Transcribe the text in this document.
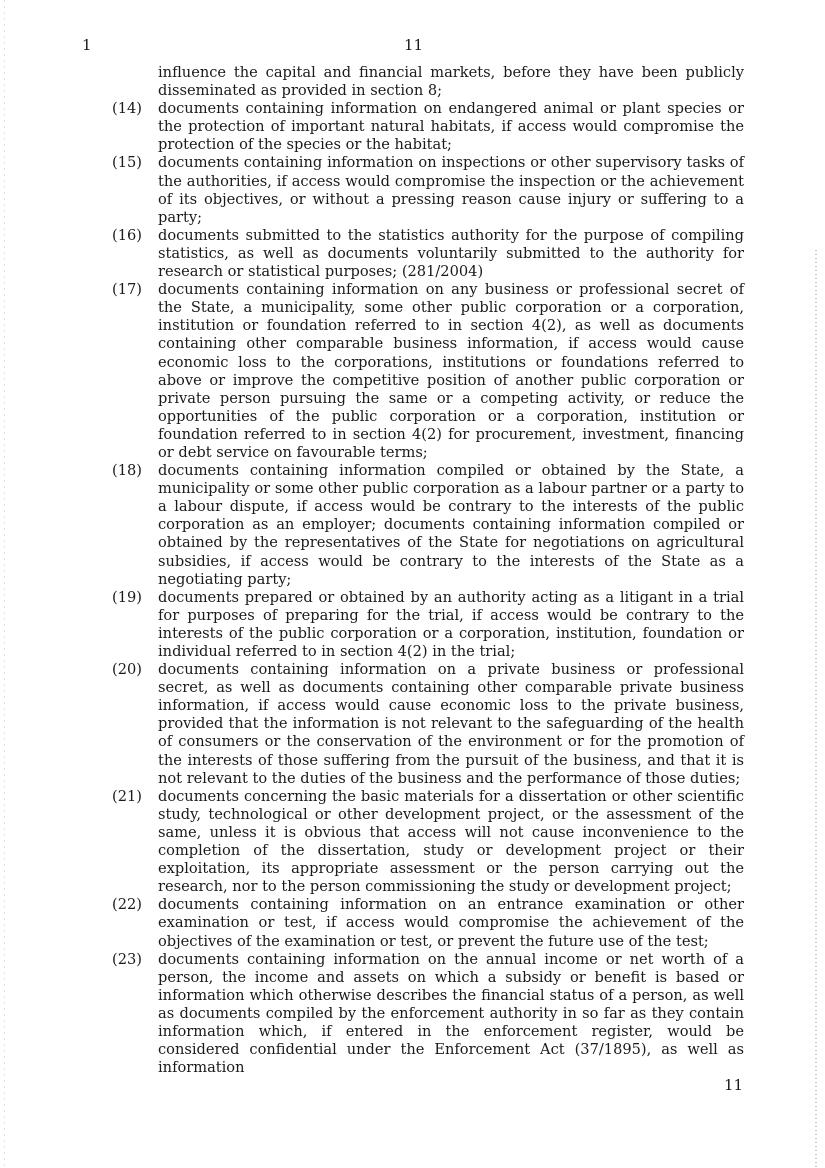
1	11

influence the capital and financial markets, before they have been publicly disseminated as provided in section 8;

(14)	documents containing information on endangered animal or plant species or the protection of important natural habitats, if access would compromise the protection of the species or the habitat;

(15)	documents containing information on inspections or other supervisory tasks of the authorities, if access would compromise the inspection or the achievement of its objectives, or without a pressing reason cause injury or suffering to a party;

(16)	documents submitted to the statistics authority for the purpose of compiling statistics, as well as documents voluntarily submitted to the authority for research or statistical purposes; (281/2004)

(17)	documents containing information on any business or professional secret of the State, a municipality, some other public corporation or a corporation, institution or foundation referred to in section 4(2), as well as documents containing other comparable business information, if access would cause economic loss to the corporations, institutions or foundations referred to above or improve the competitive position of another public corporation or private person pursuing the same or a competing activity, or reduce the opportunities of the public corporation or a corporation, institution or foundation referred to in section 4(2) for procurement, investment, financing or debt service on favourable terms;

(18)	documents containing information compiled or obtained by the State, a municipality or some other public corporation as a labour partner or a party to a labour dispute, if access would be contrary to the interests of the public corporation as an employer; documents containing information compiled or obtained by the representatives of the State for negotiations on agricultural subsidies, if access would be contrary to the interests of the State as a negotiating party;

(19)	documents prepared or obtained by an authority acting as a litigant in a trial for purposes of preparing for the trial, if access would be contrary to the interests of the public corporation or a corporation, institution, foundation or individual referred to in section 4(2) in the trial;

(20)	documents containing information on a private business or professional secret, as well as documents containing other comparable private business information, if access would cause economic loss to the private business, provided that the information is not relevant to the safeguarding of the health of consumers or the conservation of the environment or for the promotion of the interests of those suffering from the pursuit of the business, and that it is not relevant to the duties of the business and the performance of those duties;

(21)	documents concerning the basic materials for a dissertation or other scientific study, technological or other development project, or the assessment of the same, unless it is obvious that access will not cause inconvenience to the completion of the dissertation, study or development project or their exploitation, its appropriate assessment or the person carrying out the research, nor to the person commissioning the study or development project;

(22)	documents containing information on an entrance examination or other examination or test, if access would compromise the achievement of the objectives of the examination or test, or prevent the future use of the test;

(23)	documents containing information on the annual income or net worth of a person, the income and assets on which a subsidy or benefit is based or information which otherwise describes the financial status of a person, as well as documents compiled by the enforcement authority in so far as they contain information which, if entered in the enforcement register, would be considered confidential under the Enforcement Act (37/1895), as well as information

11
